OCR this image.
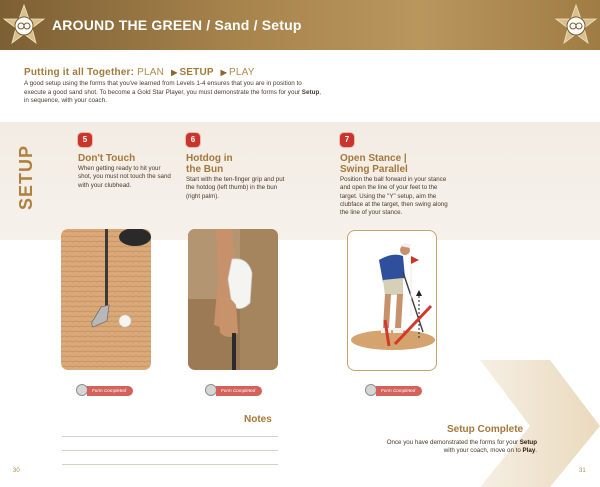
AROUND THE GREEN / Sand / Setup
Putting it all Together: PLAN ▶ SETUP ▶ PLAY
A good setup using the forms that you've learned from Levels 1-4 ensures that you are in position to execute a good sand shot. To become a Gold Star Player, you must demonstrate the forms for your Setup, in sequence, with your coach.
SETUP
5
Don't Touch
When getting ready to hit your shot, you must not touch the sand with your clubhead.
6
Hotdog in
the Bun
Start with the ten-finger grip and put the hotdog (left thumb) in the bun (right palm).
7
Open Stance |
Swing Parallel
Position the ball forward in your stance and open the line of your feet to the target. Using the "Y" setup, aim the clubface at the target, then swing along the line of your stance.
Form Completed	Form Completed	Form Completed
Notes
Setup Complete
Once you have demonstrated the forms for your Setup
with your coach, move on to Play.
30	31
